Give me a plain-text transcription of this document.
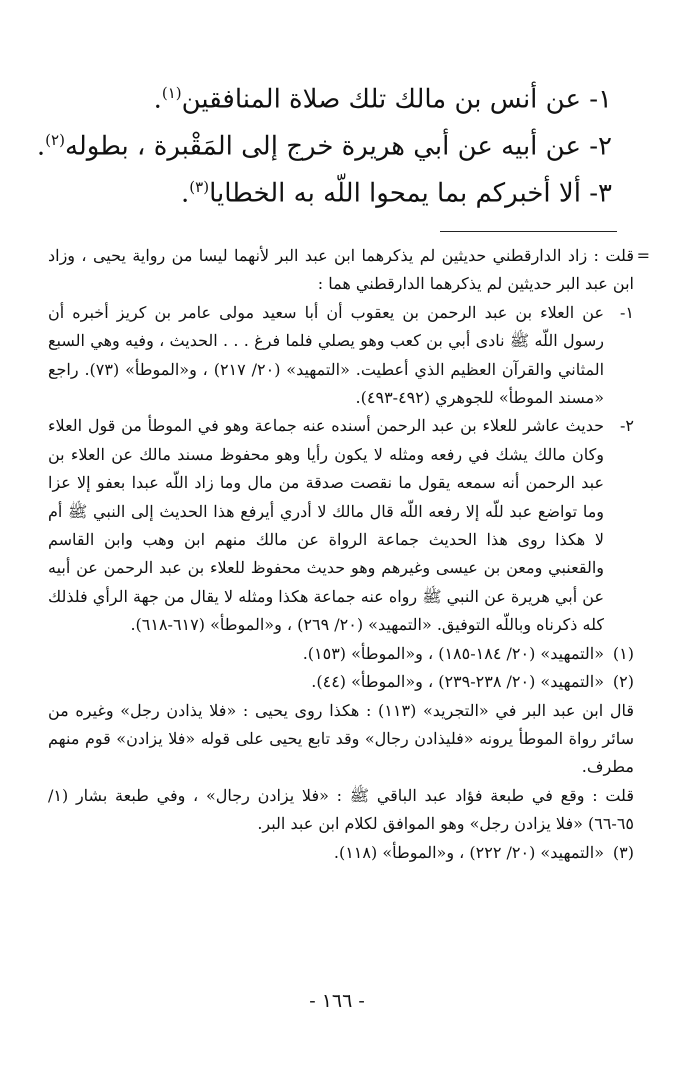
١- عن أنس بن مالك تلك صلاة المنافقين$^{(١)}$.
٢- عن أبيه عن أبي هريرة خرج إلى المَقْبرة ، بطوله$^{(٢)}$.
٣- ألا أخبركم بما يمحوا اللّه به الخطايا$^{(٣)}$.

=
قلت : زاد الدارقطني حديثين لم يذكرهما ابن عبد البر لأنهما ليسا من رواية يحيى ، وزاد ابن عبد البر حديثين لم يذكرهما الدارقطني هما :

١-
عن العلاء بن عبد الرحمن بن يعقوب أن أبا سعيد مولى عامر بن كريز أخبره أن رسول اللّه ﷺ نادى أبي بن كعب وهو يصلي فلما فرغ . . . الحديث ، وفيه وهي السبع المثاني والقرآن العظيم الذي أعطيت. «التمهيد» (٢٠/ ٢١٧) ، و«الموطأ» (٧٣). راجع «مسند الموطأ» للجوهري (٤٩٢-٤٩٣).

٢-
حديث عاشر للعلاء بن عبد الرحمن أسنده عنه جماعة وهو في الموطأ من قول العلاء وكان مالك يشك في رفعه ومثله لا يكون رأيا وهو محفوظ مسند مالك عن العلاء بن عبد الرحمن أنه سمعه يقول ما نقصت صدقة من مال وما زاد اللّه عبدا بعفو إلا عزا وما تواضع عبد للّه إلا رفعه اللّه قال مالك لا أدري أيرفع هذا الحديث إلى النبي ﷺ أم لا هكذا روى هذا الحديث جماعة الرواة عن مالك منهم ابن وهب وابن القاسم والقعنبي ومعن بن عيسى وغيرهم وهو حديث محفوظ للعلاء بن عبد الرحمن عن أبيه عن أبي هريرة عن النبي ﷺ رواه عنه جماعة هكذا ومثله لا يقال من جهة الرأي فلذلك كله ذكرناه وباللّه التوفيق. «التمهيد» (٢٠/ ٢٦٩) ، و«الموطأ» (٦١٧-٦١٨).

(١)
«التمهيد» (٢٠/ ١٨٤-١٨٥) ، و«الموطأ» (١٥٣).

(٢)
«التمهيد» (٢٠/ ٢٣٨-٢٣٩) ، و«الموطأ» (٤٤).

قال ابن عبد البر في «التجريد» (١١٣) : هكذا روى يحيى : «فلا يذادن رجل» وغيره من سائر رواة الموطأ يرونه «فليذادن رجال» وقد تابع يحيى على قوله «فلا يزادن» قوم منهم مطرف.

قلت : وقع في طبعة فؤاد عبد الباقي ﷺ : «فلا يزادن رجال» ، وفي طبعة بشار (١/ ٦٥-٦٦) «فلا يزادن رجل» وهو الموافق لكلام ابن عبد البر.

(٣)
«التمهيد» (٢٠/ ٢٢٢) ، و«الموطأ» (١١٨).

- ١٦٦ -
